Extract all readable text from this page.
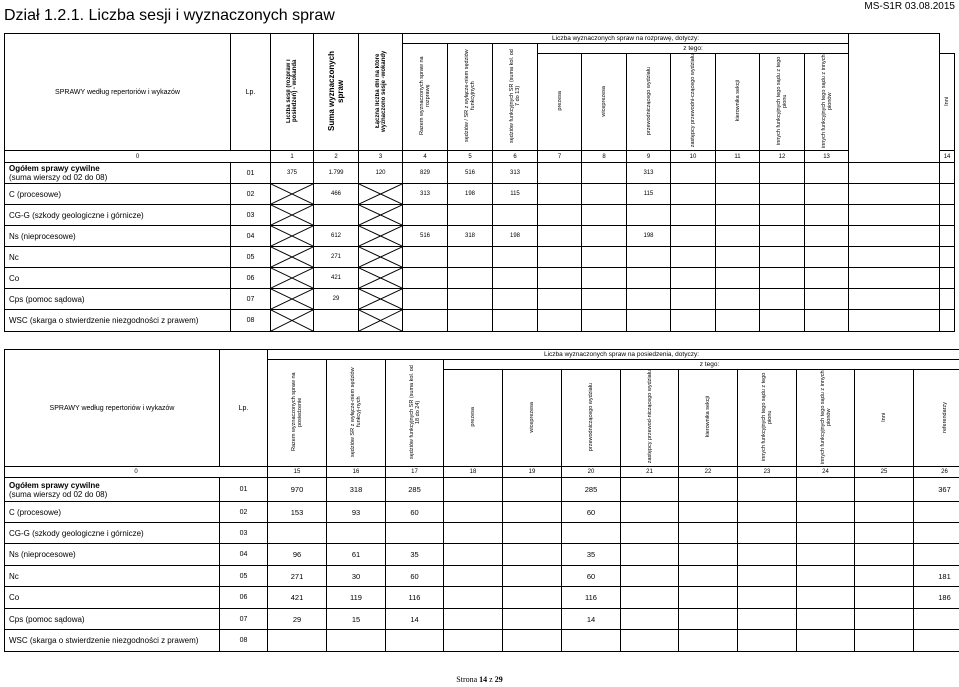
Dział 1.2.1. Liczba sesji i wyznaczonych spraw
MS-S1R 03.08.2015
SPRAWY według repertoriów i wykazów	Lp.	Liczba sesji (rozpraw i posiedzeń) - wokanda	Suma wyznaczonych spraw	Łączna liczba dni na które wyznaczono sesje -wokandy	Liczba wyznaczonych spraw na rozprawę, dotyczy:											
					Razem wyznaczonych spraw na rozprawę	sędziów / SR z wyłącze-niem sędziów funkcyjnych	sędziów funkcyjnych SR (suma kol. od 7 do 13)	z tego:								
								prezesa	wiceprezesa	przewodniczącego wydziału	zastępcy przewodni-czącego wydziału	kierownika sekcji	innych funkcyjnych tego sądu z tego pionu	innych funkcyjnych tego sądu z innych pionów		Inni
0		1	2	3	4	5	6	7	8	9	10	11	12	13		14

Ogółem sprawy cywilne
(suma wierszy od 02 do 08)	01	375	1.799	120	829	516	313			313						

C (procesowe)	02		466		313	198	115			115						

CG-G (szkody geologiczne i górnicze)	03	

Ns (nieprocesowe)	04		612		516	318	198			198						

Nc	05		271	

Co	06		421	

Cps (pomoc sądowa)	07		29	

WSC (skarga o stwierdzenie niezgodności z prawem)	08	

SPRAWY według repertoriów i wykazów	Lp.	Liczba wyznaczonych spraw na posiedzenia, dotyczy:											
		Razem wyznaczonych spraw na posiedzenie	sędziów SR z wyłącze-niem sędziów funkcyj-nych	sędziów funkcyjnych SR (suma kol. od 18 do 24)	z tego:								
					prezesa	wiceprezesa	przewodniczącego wydziału	zastępcy przewod-niczącego wydziału	kierownika sekcji	innych funkcyjnych tego sądu z tego pionu	innych funkcyjnych tego sądu z innych pionów	Inni	referendarzy
0		15	16	17	18	19	20	21	22	23	24	25	26

Ogółem sprawy cywilne
(suma wierszy od 02 do 08)	01	970	318	285			285						367

C (procesowe)	02	153	93	60			60						

CG-G (szkody geologiczne i górnicze)	03												

Ns (nieprocesowe)	04	96	61	35			35						

Nc	05	271	30	60			60						181

Co	06	421	119	116			116						186

Cps (pomoc sądowa)	07	29	15	14			14						

WSC (skarga o stwierdzenie niezgodności z prawem)	08												
Strona 14 z 29
